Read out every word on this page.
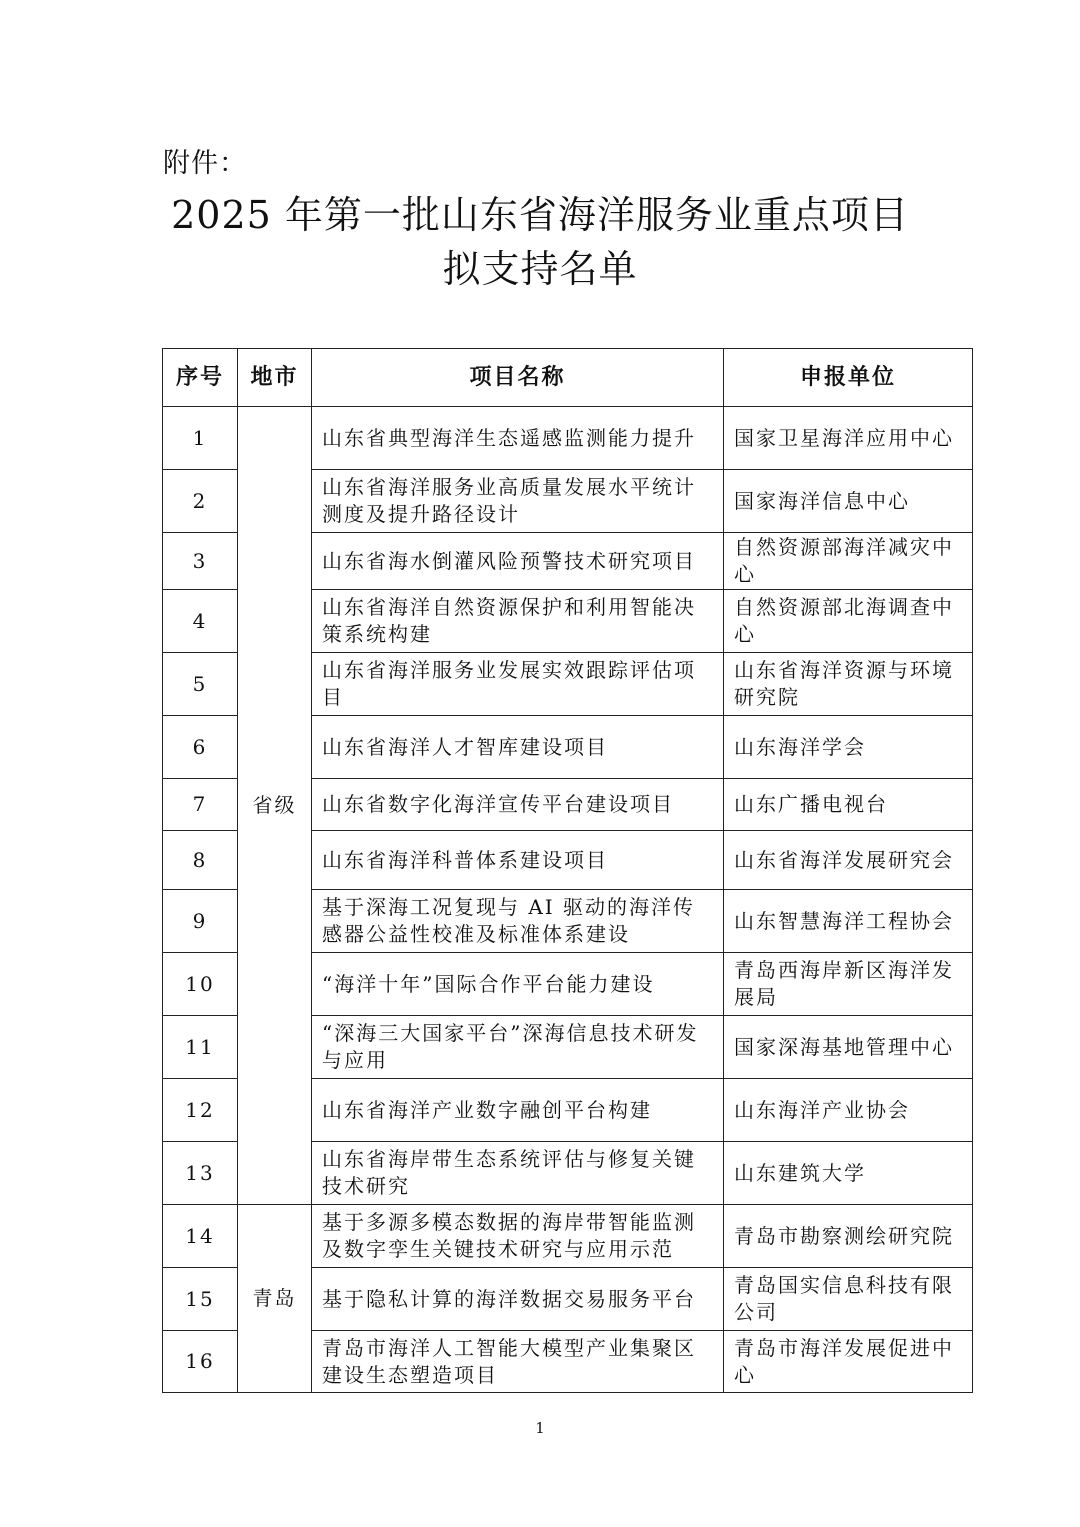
附件：
2025 年第一批山东省海洋服务业重点项目
拟支持名单
序号	地市	项目名称	申报单位
1	省级	山东省典型海洋生态遥感监测能力提升	国家卫星海洋应用中心
2		山东省海洋服务业高质量发展水平统计测度及提升路径设计	国家海洋信息中心
3		山东省海水倒灌风险预警技术研究项目	自然资源部海洋减灾中心
4		山东省海洋自然资源保护和利用智能决策系统构建	自然资源部北海调查中心
5		山东省海洋服务业发展实效跟踪评估项目	山东省海洋资源与环境研究院
6		山东省海洋人才智库建设项目	山东海洋学会
7		山东省数字化海洋宣传平台建设项目	山东广播电视台
8		山东省海洋科普体系建设项目	山东省海洋发展研究会
9		基于深海工况复现与 AI 驱动的海洋传感器公益性校准及标准体系建设	山东智慧海洋工程协会
10		“海洋十年”国际合作平台能力建设	青岛西海岸新区海洋发展局
11		“深海三大国家平台”深海信息技术研发与应用	国家深海基地管理中心
12		山东省海洋产业数字融创平台构建	山东海洋产业协会
13		山东省海岸带生态系统评估与修复关键技术研究	山东建筑大学
14	青岛	基于多源多模态数据的海岸带智能监测及数字孪生关键技术研究与应用示范	青岛市勘察测绘研究院
15		基于隐私计算的海洋数据交易服务平台	青岛国实信息科技有限公司
16		青岛市海洋人工智能大模型产业集聚区建设生态塑造项目	青岛市海洋发展促进中心
1
